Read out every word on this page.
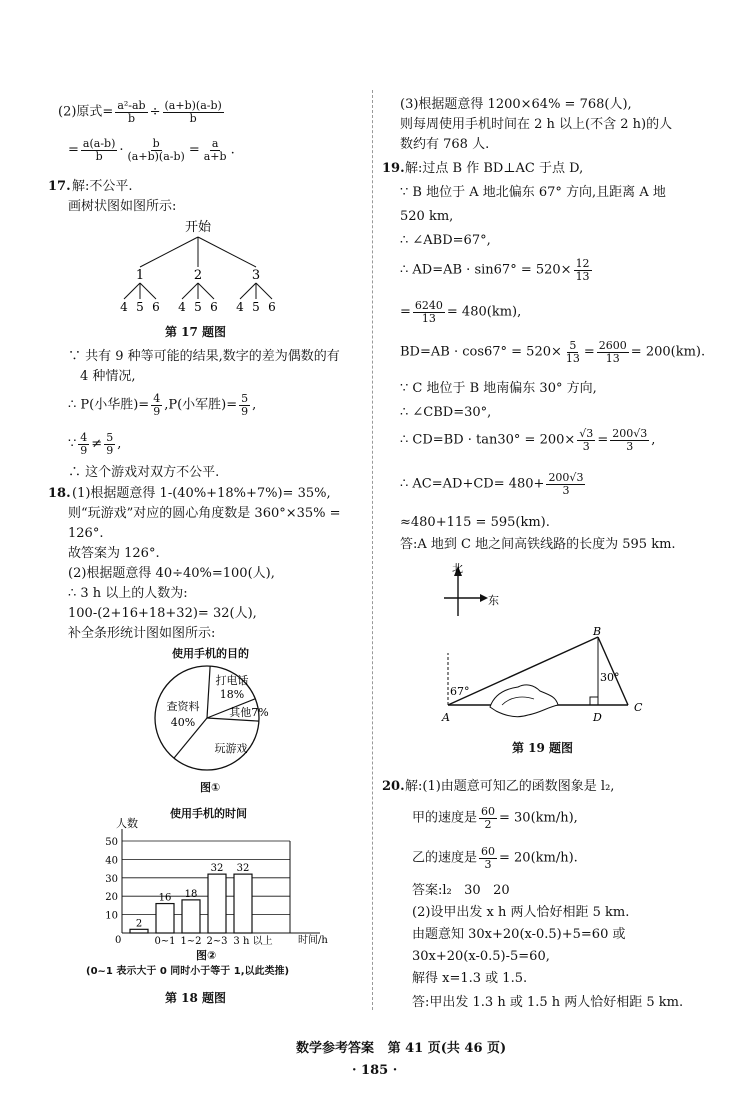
(2)原式= $\frac{\text{a²-ab}}{b} \div \frac{(a+b)(a-b)}{b}$
= $\frac{a(a-b)}{b} \cdot \frac{b}{(a+b)(a-b)} = \frac{a}{a+b}$ .
17. 解:不公平.
画树状图如图所示:
开始
1	2	3
4 5 6 4 5 6 4 5 6
第 17 题图
∵ 共有 9 种等可能的结果,数字的差为偶数的有
4 种情况,
∴ P(小华胜)= $\frac{4}{9} ,P$(小军胜)= $\frac{5}{9}$ ,
∵ $\frac{4}{9} \ne \frac{5}{9}$ ,
∴ 这个游戏对双方不公平.
18. (1)根据题意得 1-(40%+18%+7%)= 35%,
则“玩游戏”对应的圆心角度数是 360°×35% =
126°.
故答案为 126°.
(2)根据题意得 40÷40%=100(人),
∴ 3 h 以上的人数为:
100-(2+16+18+32)= 32(人),
补全条形统计图如图所示:
使用手机的目的
查资料
40%
打电话
18%
其他7%
玩游戏
图①
使用手机的时间
人数
10
20
30
40
50
2
16 18
32 32
0~1 1~2 2~3 3 h 以上
0	时间/h
图②
(0~1 表示大于 0 同时小于等于 1,以此类推)
第 18 题图
(3)根据题意得 1200×64% = 768(人),
则每周使用手机时间在 2 h 以上(不含 2 h)的人
数约有 768 人.
19. 解:过点 B 作 BD⊥AC 于点 D,
∵ B 地位于 A 地北偏东 67° 方向,且距离 A 地
520 km,
∴ ∠ABD=67°,
∴ $AD=AB \cdot \sin 67^\circ = 520\times \frac{12}{13}$
= $\frac{6240}{13} = 480(km)$,
$BD=AB \cdot \cos 67^\circ = 520\times \frac{5}{13} = \frac{2600}{13} = 200(km)$.
∵ C 地位于 B 地南偏东 30° 方向,
∴ ∠CBD=30°,
∴ $CD=BD \cdot \tan 30^\circ = 200\times \frac{√3}{3} = \frac{200√3}{3}$ ,
∴ $AC=AD+CD= 480+ \frac{200√3}{3}$
≈480+115 = 595(km).
答:A 地到 C 地之间高铁线路的长度为 595 km.
北
东
67°
30°
A
B
C
D
第 19 题图
20. 解:(1)由题意可知乙的函数图象是 l₂,
甲的速度是 $\frac{60}{2} = 30(km/h)$,
乙的速度是 $\frac{60}{3} = 20(km/h)$.
答案:l₂   30   20
(2)设甲出发 x h 两人恰好相距 5 km.
由题意知 30x+20(x-0.5)+5=60 或
30x+20(x-0.5)-5=60,
解得 x=1.3 或 1.5.
答:甲出发 1.3 h 或 1.5 h 两人恰好相距 5 km.
数学参考答案   第 41 页(共 46 页)
· 185 ·
